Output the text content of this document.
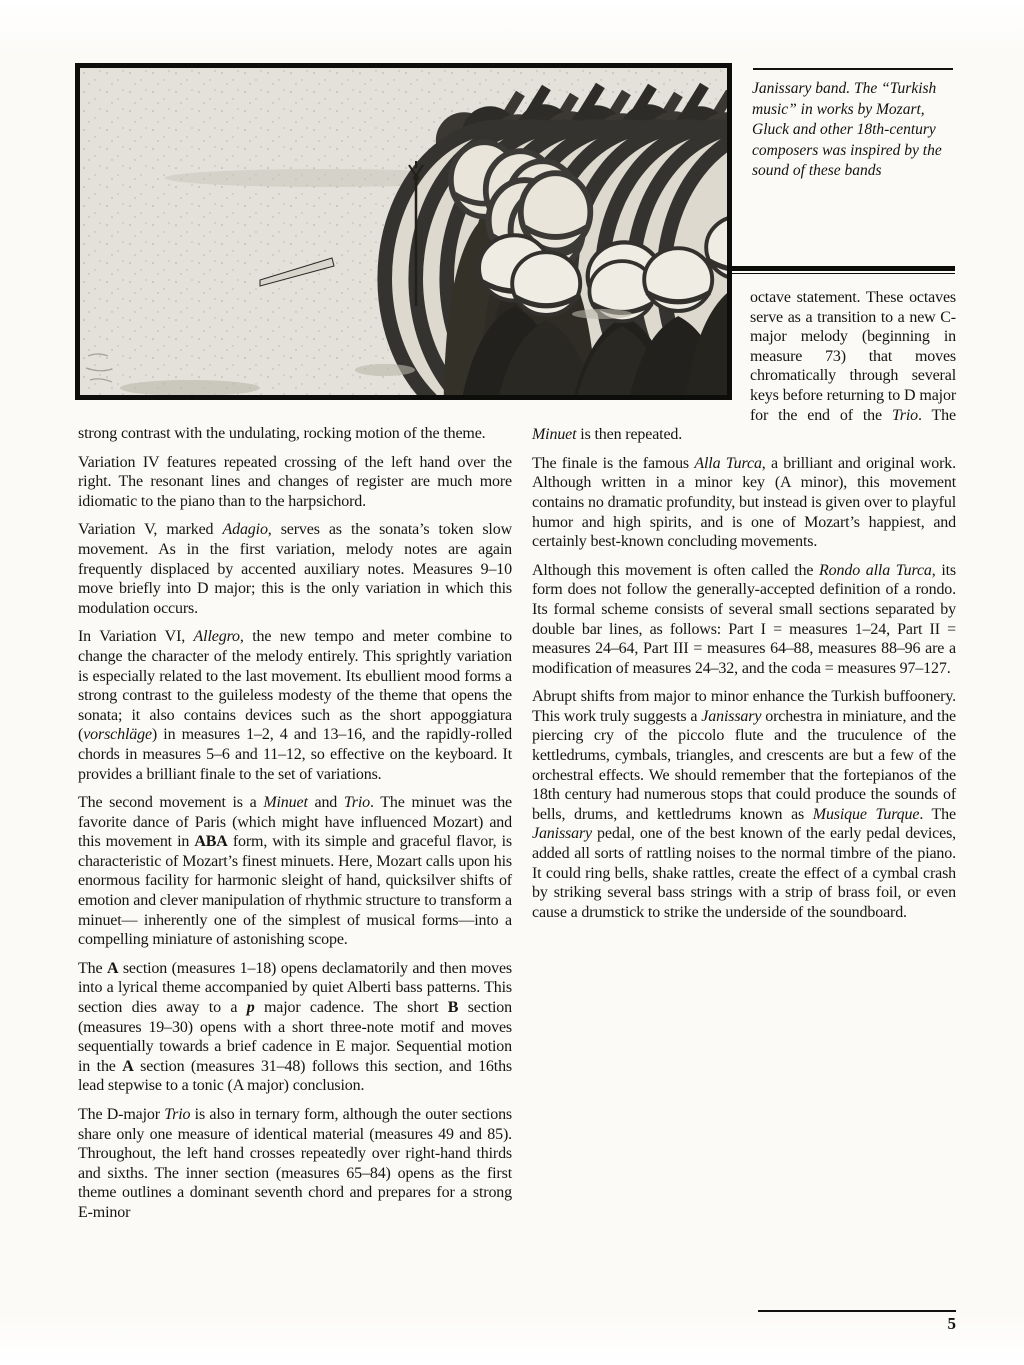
Janissary band. The “Turkish music” in works by Mozart, Gluck and other 18th-century composers was inspired by the sound of these bands

octave statement. These octaves serve as a transition to a new C-major melody (beginning in measure 73) that moves chromatically through several keys before returning to D major for the end of the Trio. The Minuet is then repeated.

The finale is the famous Alla Turca, a brilliant and original work. Although written in a minor key (A minor), this movement contains no dramatic profundity, but instead is given over to playful humor and high spirits, and is one of Mozart’s happiest, and certainly best-known concluding movements.

Although this movement is often called the Rondo alla Turca, its form does not follow the generally-accepted definition of a rondo. Its formal scheme consists of several small sections separated by double bar lines, as follows: Part I = measures 1–24, Part II = measures 24–64, Part III = measures 64–88, measures 88–96 are a modification of measures 24–32, and the coda = measures 97–127.

Abrupt shifts from major to minor enhance the Turkish buffoonery. This work truly suggests a Janissary orchestra in miniature, and the piercing cry of the piccolo flute and the truculence of the kettledrums, cymbals, triangles, and crescents are but a few of the orchestral effects. We should remember that the fortepianos of the 18th century had numerous stops that could produce the sounds of bells, drums, and kettledrums known as Musique Turque. The Janissary pedal, one of the best known of the early pedal devices, added all sorts of rattling noises to the normal timbre of the piano. It could ring bells, shake rattles, create the effect of a cymbal crash by striking several bass strings with a strip of brass foil, or even cause a drumstick to strike the underside of the soundboard.

strong contrast with the undulating, rocking motion of the theme.

Variation IV features repeated crossing of the left hand over the right. The resonant lines and changes of register are much more idiomatic to the piano than to the harpsichord.

Variation V, marked Adagio, serves as the sonata’s token slow movement. As in the first variation, melody notes are again frequently displaced by accented auxiliary notes. Measures 9–10 move briefly into D major; this is the only variation in which this modulation occurs.

In Variation VI, Allegro, the new tempo and meter combine to change the character of the melody entirely. This sprightly variation is especially related to the last movement. Its ebullient mood forms a strong contrast to the guileless modesty of the theme that opens the sonata; it also contains devices such as the short appoggiatura (vorschläge) in measures 1–2, 4 and 13–16, and the rapidly-rolled chords in measures 5–6 and 11–12, so effective on the keyboard. It provides a brilliant finale to the set of variations.

The second movement is a Minuet and Trio. The minuet was the favorite dance of Paris (which might have influenced Mozart) and this movement in ABA form, with its simple and graceful flavor, is characteristic of Mozart’s finest minuets. Here, Mozart calls upon his enormous facility for harmonic sleight of hand, quicksilver shifts of emotion and clever manipulation of rhythmic structure to transform a minuet— inherently one of the simplest of musical forms—into a compelling miniature of astonishing scope.

The A section (measures 1–18) opens declamatorily and then moves into a lyrical theme accompanied by quiet Alberti bass patterns. This section dies away to a p major cadence. The short B section (measures 19–30) opens with a short three-note motif and moves sequentially towards a brief cadence in E major. Sequential motion in the A section (measures 31–48) follows this section, and 16ths lead stepwise to a tonic (A major) conclusion.

The D-major Trio is also in ternary form, although the outer sections share only one measure of identical material (measures 49 and 85). Throughout, the left hand crosses repeatedly over right-hand thirds and sixths. The inner section (measures 65–84) opens as the first theme outlines a dominant seventh chord and prepares for a strong E-minor

5
